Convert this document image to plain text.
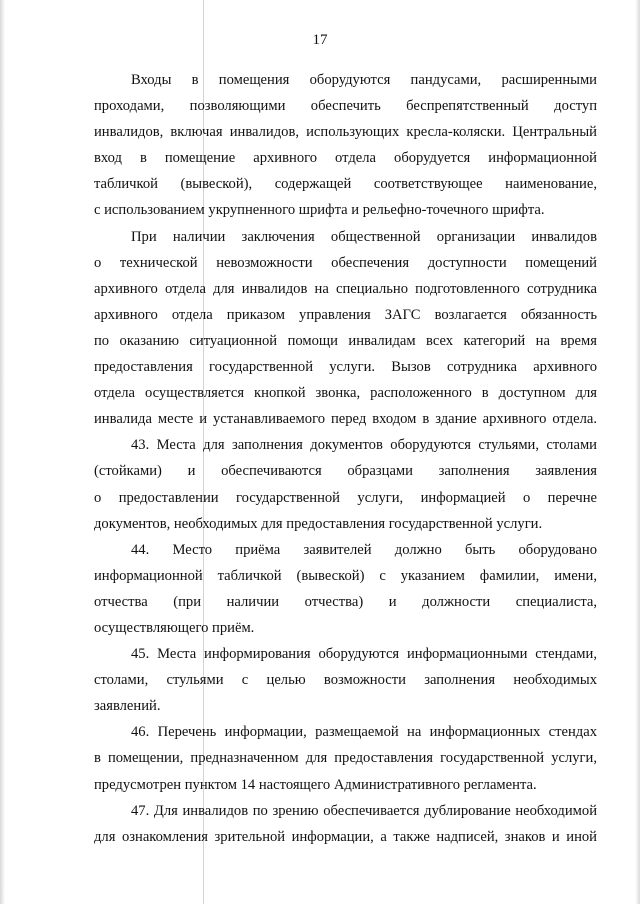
17
Входы в помещения оборудуются пандусами, расширенными
проходами, позволяющими обеспечить беспрепятственный доступ
инвалидов, включая инвалидов, использующих кресла-коляски. Центральный
вход в помещение архивного отдела оборудуется информационной
табличкой (вывеской), содержащей соответствующее наименование,
с использованием укрупненного шрифта и рельефно-точечного шрифта.
При наличии заключения общественной организации инвалидов
о технической невозможности обеспечения доступности помещений
архивного отдела для инвалидов на специально подготовленного сотрудника
архивного отдела приказом управления ЗАГС возлагается обязанность
по оказанию ситуационной помощи инвалидам всех категорий на время
предоставления государственной услуги. Вызов сотрудника архивного
отдела осуществляется кнопкой звонка, расположенного в доступном для
инвалида месте и устанавливаемого перед входом в здание архивного отдела.
43. Места для заполнения документов оборудуются стульями, столами
(стойками) и обеспечиваются образцами заполнения заявления
о предоставлении государственной услуги, информацией о перечне
документов, необходимых для предоставления государственной услуги.
44. Место приёма заявителей должно быть оборудовано
информационной табличкой (вывеской) с указанием фамилии, имени,
отчества (при наличии отчества) и должности специалиста,
осуществляющего приём.
45. Места информирования оборудуются информационными стендами,
столами, стульями с целью возможности заполнения необходимых
заявлений.
46. Перечень информации, размещаемой на информационных стендах
в помещении, предназначенном для предоставления государственной услуги,
предусмотрен пунктом 14 настоящего Административного регламента.
47. Для инвалидов по зрению обеспечивается дублирование необходимой
для ознакомления зрительной информации, а также надписей, знаков и иной
